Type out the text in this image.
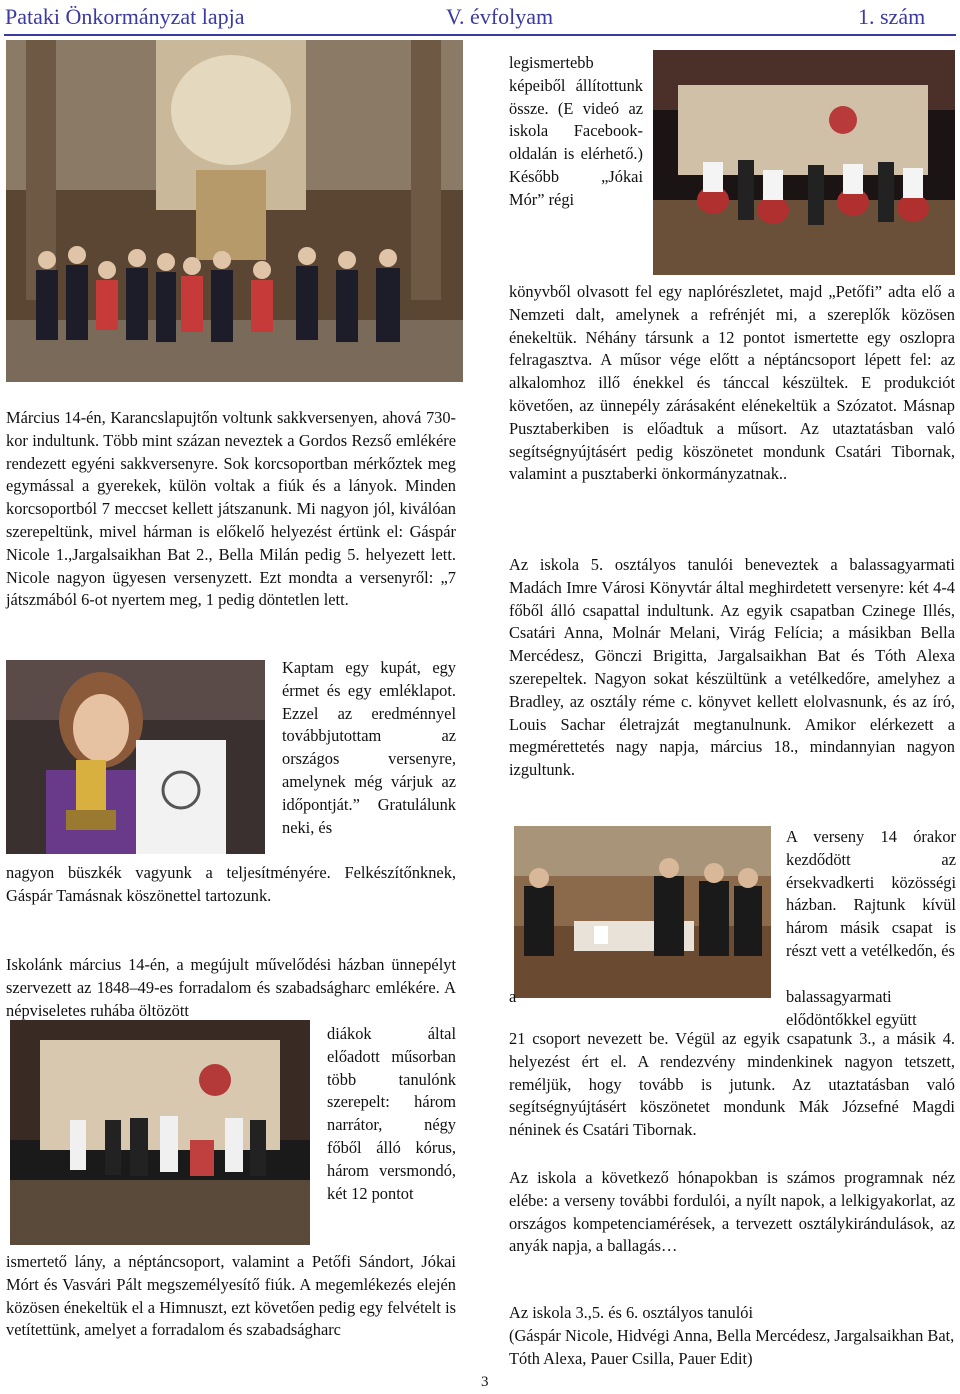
Pataki Önkormányzat lapja	V. évfolyam	1. szám

Március 14-én, Karancslapujtőn voltunk sakkversenyen, ahová 730-kor indultunk. Több mint százan neveztek a Gordos Rezső emlékére rendezett egyéni sakkversenyre. Sok korcsoportban mérkőztek meg egymással a gyerekek, külön voltak a fiúk és a lányok. Minden korcsoportból 7 meccset kellett játszanunk. Mi nagyon jól, kiválóan szerepeltünk, mivel hárman is előkelő helyezést értünk el: Gáspár Nicole 1.,Jargalsaikhan Bat 2., Bella Milán pedig 5. helyezett lett. Nicole nagyon ügyesen versenyzett. Ezt mondta a versenyről: „7 játszmából 6-ot nyertem meg, 1 pedig döntetlen lett.

Kaptam egy kupát, egy érmet és egy emléklapot. Ezzel az eredménnyel továbbjutottam az országos versenyre, amelynek még várjuk az időpontját.” Gratulálunk neki, és

nagyon büszkék vagyunk a teljesítményére. Felkészítőnknek, Gáspár Tamásnak köszönettel tartozunk.

Iskolánk március 14-én, a megújult művelődési házban ünnepélyt szervezett az 1848–49-es forradalom és szabadságharc emlékére. A népviseletes ruhába öltözött

diákok által előadott műsorban több tanulónk szerepelt: három narrátor, négy főből álló kórus, három versmondó, két 12 pontot

ismertető lány, a néptáncsoport, valamint a Petőfi Sándort, Jókai Mórt és Vasvári Pált megszemélyesítő fiúk. A megemlékezés elején közösen énekeltük el a Himnuszt, ezt követően pedig egy felvételt is vetítettünk, amelyet a forradalom és szabadságharc

legismertebb képeiből állítottunk össze. (E videó az iskola Facebook-oldalán is elérhető.) Később „Jókai Mór” régi

könyvből olvasott fel egy naplórészletet, majd „Petőfi” adta elő a Nemzeti dalt, amelynek a refrénjét mi, a szereplők közösen énekeltük. Néhány társunk a 12 pontot ismertette egy oszlopra felragasztva. A műsor vége előtt a néptáncsoport lépett fel: az alkalomhoz illő énekkel és tánccal készültek. E produkciót követően, az ünnepély zárásaként elénekeltük a Szózatot. Másnap Pusztaberkiben is előadtuk a műsort. Az utaztatásban való segítségnyújtásért pedig köszönetet mondunk Csatári Tibornak, valamint a pusztaberki önkormányzatnak..

Az iskola 5. osztályos tanulói beneveztek a balassagyarmati Madách Imre Városi Könyvtár által meghirdetett versenyre: két 4-4 főből álló csapattal indultunk. Az egyik csapatban Czinege Illés, Csatári Anna, Molnár Melani, Virág Felícia; a másikban Bella Mercédesz, Gönczi Brigitta, Jargalsaikhan Bat és Tóth Alexa szerepeltek. Nagyon sokat készültünk a vetélkedőre, amelyhez a Bradley, az osztály réme c. könyvet kellett elolvasnunk, és az író, Louis Sachar életrajzát megtanulnunk. Amikor elérkezett a megmérettetés nagy napja, március 18., mindannyian nagyon izgultunk.

A verseny 14 órakor kezdődött az érsekvadkerti közösségi házban. Rajtunk kívül három másik csapat is részt vett a vetélkedőn, és

a	balassagyarmati elődöntőkkel együtt

21 csoport nevezett be. Végül az egyik csapatunk 3., a másik 4. helyezést ért el. A rendezvény mindenkinek nagyon tetszett, reméljük, hogy tovább is jutunk. Az utaztatásban való segítségnyújtásért köszönetet mondunk Mák Józsefné Magdi néninek és Csatári Tibornak.

Az iskola a következő hónapokban is számos programnak néz elébe: a verseny további fordulói, a nyílt napok, a lelkigyakorlat, az országos kompetenciamérések, a tervezett osztálykirándulások, az anyák napja, a ballagás…

Az iskola 3.,5. és 6. osztályos tanulói

(Gáspár Nicole, Hidvégi Anna, Bella Mercédesz, Jargalsaikhan Bat, Tóth Alexa, Pauer Csilla, Pauer Edit)

3
